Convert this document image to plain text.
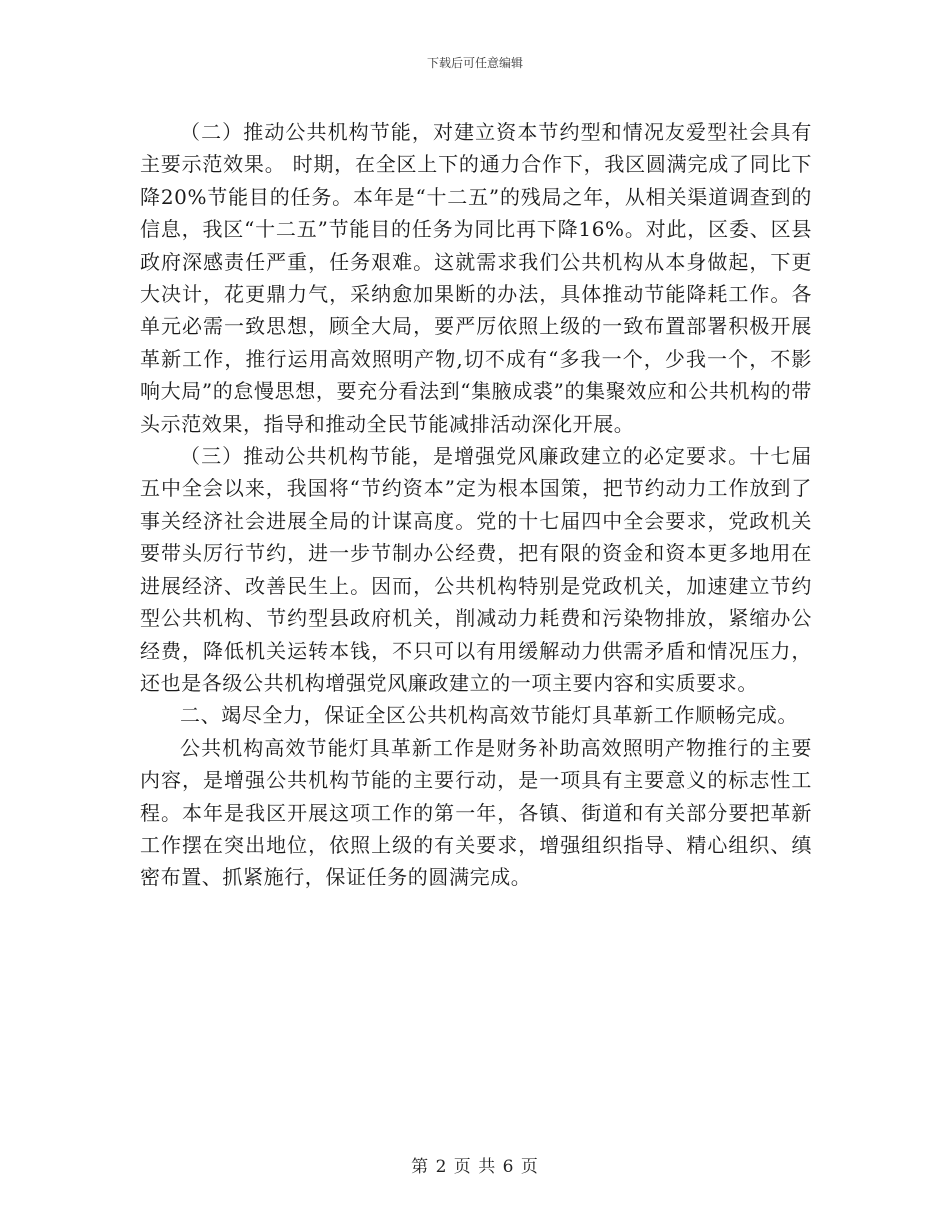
下载后可任意编辑

（二）推动公共机构节能，对建立资本节约型和情况友爱型社会具有主要示范效果。 时期，在全区上下的通力合作下，我区圆满完成了同比下降20%节能目的任务。本年是“十二五”的残局之年，从相关渠道调查到的信息，我区“十二五”节能目的任务为同比再下降16%。对此，区委、区县政府深感责任严重，任务艰难。这就需求我们公共机构从本身做起，下更大决计，花更鼎力气，采纳愈加果断的办法，具体推动节能降耗工作。各单元必需一致思想，顾全大局，要严厉依照上级的一致布置部署积极开展革新工作，推行运用高效照明产物,切不成有“多我一个，少我一个，不影响大局”的怠慢思想，要充分看法到“集腋成裘”的集聚效应和公共机构的带头示范效果，指导和推动全民节能减排活动深化开展。

（三）推动公共机构节能，是增强党风廉政建立的必定要求。十七届五中全会以来，我国将“节约资本”定为根本国策，把节约动力工作放到了事关经济社会进展全局的计谋高度。党的十七届四中全会要求，党政机关要带头厉行节约，进一步节制办公经费，把有限的资金和资本更多地用在进展经济、改善民生上。因而，公共机构特别是党政机关，加速建立节约型公共机构、节约型县政府机关，削减动力耗费和污染物排放，紧缩办公经费，降低机关运转本钱，不只可以有用缓解动力供需矛盾和情况压力，还也是各级公共机构增强党风廉政建立的一项主要内容和实质要求。

二、竭尽全力，保证全区公共机构高效节能灯具革新工作顺畅完成。

公共机构高效节能灯具革新工作是财务补助高效照明产物推行的主要内容，是增强公共机构节能的主要行动，是一项具有主要意义的标志性工程。本年是我区开展这项工作的第一年，各镇、街道和有关部分要把革新工作摆在突出地位，依照上级的有关要求，增强组织指导、精心组织、缜密布置、抓紧施行，保证任务的圆满完成。

第 2 页 共 6 页
